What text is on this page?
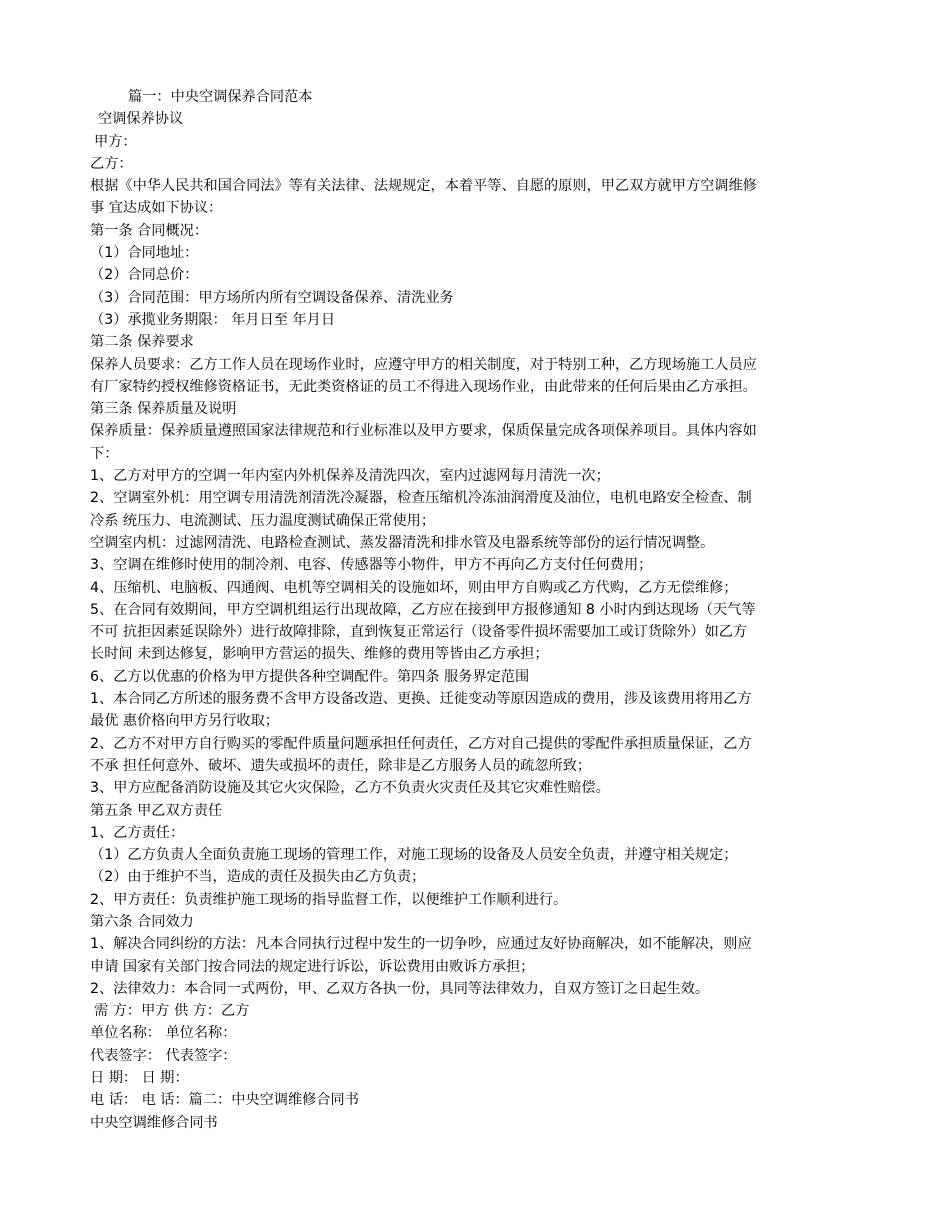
篇一：中央空调保养合同范本
空调保养协议
甲方：
乙方：
根据《中华人民共和国合同法》等有关法律、法规规定，本着平等、自愿的原则，甲乙双方就甲方空调维修
事 宜达成如下协议：
第一条 合同概况：
（1）合同地址：
（2）合同总价：
（3）合同范围：甲方场所内所有空调设备保养、清洗业务
（3）承揽业务期限： 年月日至 年月日
第二条 保养要求
保养人员要求：乙方工作人员在现场作业时，应遵守甲方的相关制度，对于特别工种，乙方现场施工人员应
有厂家特约授权维修资格证书，无此类资格证的员工不得进入现场作业，由此带来的任何后果由乙方承担。
第三条 保养质量及说明
保养质量：保养质量遵照国家法律规范和行业标准以及甲方要求，保质保量完成各项保养项目。具体内容如
下：
1、乙方对甲方的空调一年内室内外机保养及清洗四次，室内过滤网每月清洗一次；
2、空调室外机：用空调专用清洗剂清洗冷凝器，检查压缩机冷冻油润滑度及油位，电机电路安全检查、制
冷系 统压力、电流测试、压力温度测试确保正常使用；
空调室内机：过滤网清洗、电路检查测试、蒸发器清洗和排水管及电器系统等部份的运行情况调整。
3、空调在维修时使用的制冷剂、电容、传感器等小物件，甲方不再向乙方支付任何费用；
4、压缩机、电脑板、四通阀、电机等空调相关的设施如坏，则由甲方自购或乙方代购，乙方无偿维修；
5、在合同有效期间，甲方空调机组运行出现故障，乙方应在接到甲方报修通知 8 小时内到达现场（天气等
不可 抗拒因素延误除外）进行故障排除，直到恢复正常运行（设备零件损坏需要加工或订货除外）如乙方
长时间 未到达修复，影响甲方营运的损失、维修的费用等皆由乙方承担；
6、乙方以优惠的价格为甲方提供各种空调配件。第四条 服务界定范围
1、本合同乙方所述的服务费不含甲方设备改造、更换、迁徙变动等原因造成的费用，涉及该费用将用乙方
最优 惠价格向甲方另行收取；
2、乙方不对甲方自行购买的零配件质量问题承担任何责任，乙方对自己提供的零配件承担质量保证，乙方
不承 担任何意外、破坏、遗失或损坏的责任，除非是乙方服务人员的疏忽所致；
3、甲方应配备消防设施及其它火灾保险，乙方不负责火灾责任及其它灾难性赔偿。
第五条 甲乙双方责任
1、乙方责任：
（1）乙方负责人全面负责施工现场的管理工作，对施工现场的设备及人员安全负责，并遵守相关规定；
（2）由于维护不当，造成的责任及损失由乙方负责；
2、甲方责任：负责维护施工现场的指导监督工作，以便维护工作顺利进行。
第六条 合同效力
1、解决合同纠纷的方法：凡本合同执行过程中发生的一切争吵，应通过友好协商解决，如不能解决，则应
申请 国家有关部门按合同法的规定进行诉讼，诉讼费用由败诉方承担；
2、法律效力：本合同一式两份，甲、乙双方各执一份，具同等法律效力，自双方签订之日起生效。
需 方：甲方 供 方：乙方
单位名称： 单位名称：
代表签字： 代表签字：
日 期： 日 期：
电 话： 电 话：篇二：中央空调维修合同书
中央空调维修合同书
